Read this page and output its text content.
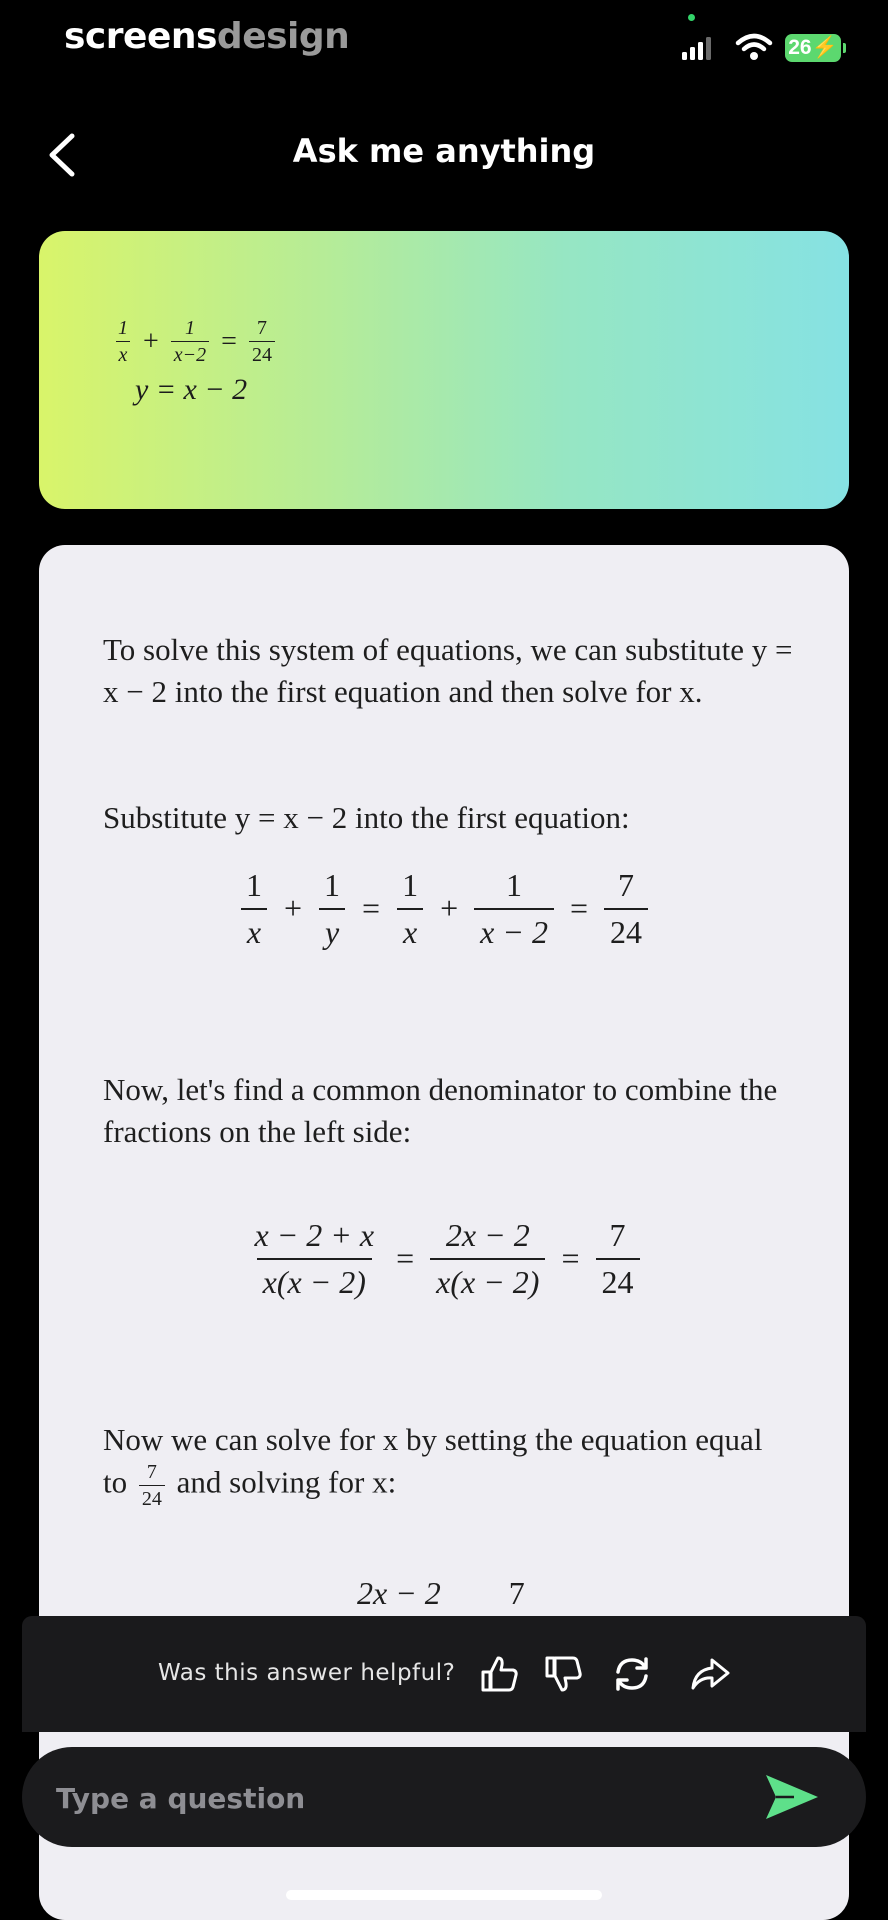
screensdesign	26⚡
Ask me anything
$\frac{1}{x} + \frac{1}{x-2} = \frac{7}{24}$
y = x − 2
To solve this system of equations, we can substitute y = x − 2 into the first equation and then solve for x.
Substitute y = x − 2 into the first equation:
$\frac{1}{x} + \frac{1}{y} = \frac{1}{x} + \frac{1}{x - 2} = \frac{7}{24}$
Now, let's find a common denominator to combine the fractions on the left side:
$\frac{x - 2 + x}{x(x - 2)} = \frac{2x - 2}{x(x - 2)} = \frac{7}{24}$
Now we can solve for x by setting the equation equal to $\frac{7}{24}$ and solving for x:
2x − 2 7
Was this answer helpful?
Type a question
